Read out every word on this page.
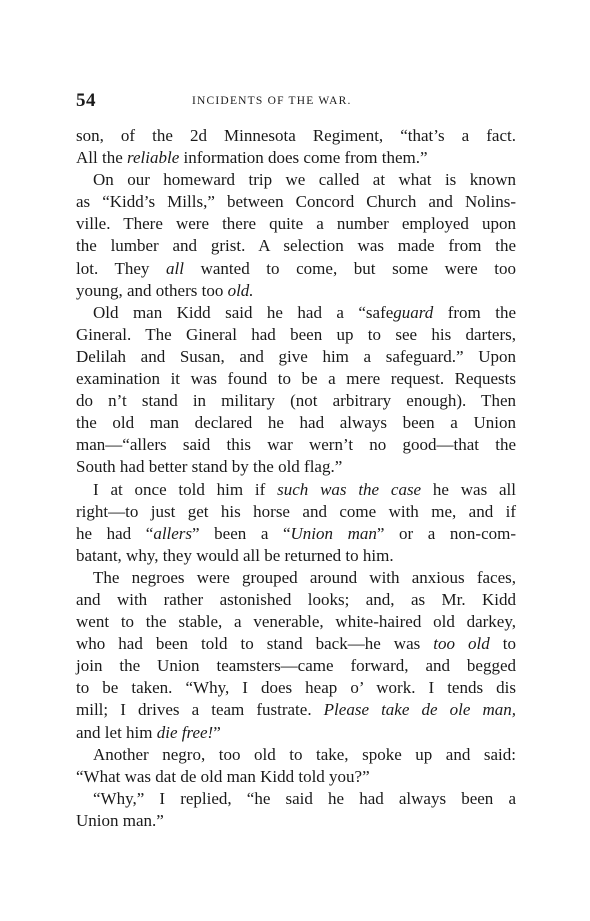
54	INCIDENTS OF THE WAR.
son, of the 2d Minnesota Regiment, “that’s a fact.
All the reliable information does come from them.”
On our homeward trip we called at what is known
as “Kidd’s Mills,” between Concord Church and Nolins-
ville. There were there quite a number employed upon
the lumber and grist. A selection was made from the
lot. They all wanted to come, but some were too
young, and others too old.
Old man Kidd said he had a “safeguard from the
Gineral. The Gineral had been up to see his darters,
Delilah and Susan, and give him a safeguard.” Upon
examination it was found to be a mere request. Requests
do n’t stand in military (not arbitrary enough). Then
the old man declared he had always been a Union
man—“allers said this war wern’t no good—that the
South had better stand by the old flag.”
I at once told him if such was the case he was all
right—to just get his horse and come with me, and if
he had “allers” been a “Union man” or a non-com-
batant, why, they would all be returned to him.
The negroes were grouped around with anxious faces,
and with rather astonished looks; and, as Mr. Kidd
went to the stable, a venerable, white-haired old darkey,
who had been told to stand back—he was too old to
join the Union teamsters—came forward, and begged
to be taken. “Why, I does heap o’ work. I tends dis
mill; I drives a team fustrate. Please take de ole man,
and let him die free!”
Another negro, too old to take, spoke up and said:
“What was dat de old man Kidd told you?”
“Why,” I replied, “he said he had always been a
Union man.”
